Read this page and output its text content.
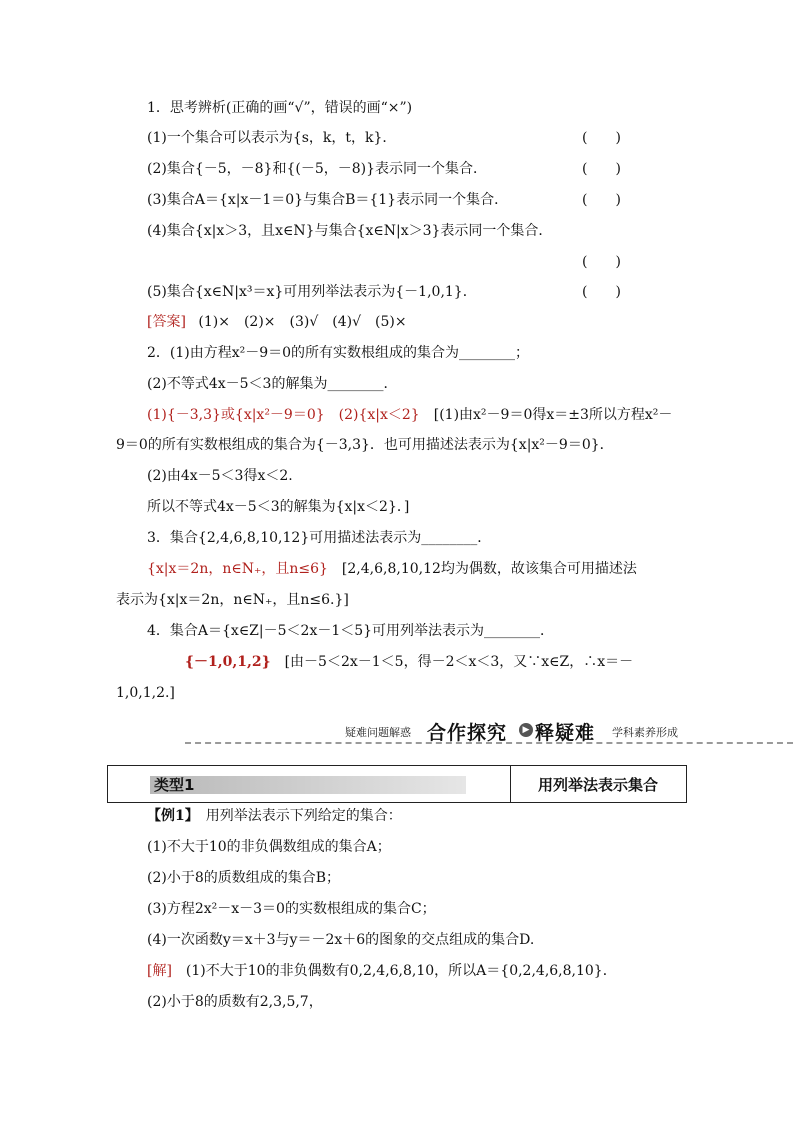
1．思考辨析(正确的画“√”，错误的画“×”)
(1)一个集合可以表示为{s，k，t，k}．	(　　)
(2)集合{－5，－8}和{(－5，－8)}表示同一个集合．	(　　)
(3)集合A＝{x|x－1＝0}与集合B＝{1}表示同一个集合．	(　　)
(4)集合{x|x＞3，且x∈N}与集合{x∈N|x＞3}表示同一个集合．
(　　)
(5)集合{x∈N|x³＝x}可用列举法表示为{－1,0,1}．	(　　)
[答案] (1)×　(2)×　(3)√　(4)√　(5)×
2．(1)由方程x²－9＝0的所有实数根组成的集合为________；
(2)不等式4x－5＜3的解集为________．
(1){－3,3}或{x|x²－9＝0}　(2){x|x＜2}　[(1)由x²－9＝0得x＝±3所以方程x²－
9＝0的所有实数根组成的集合为{－3,3}．也可用描述法表示为{x|x²－9＝0}．
(2)由4x－5＜3得x＜2.
所以不等式4x－5＜3的解集为{x|x＜2}．]
3．集合{2,4,6,8,10,12}可用描述法表示为________．
{x|x＝2n，n∈N₊，且n≤6}　[2,4,6,8,10,12均为偶数，故该集合可用描述法
表示为{x|x＝2n，n∈N₊，且n≤6.}]
4．集合A＝{x∈Z|－5＜2x－1＜5}可用列举法表示为________．
{－1,0,1,2}　[由－5＜2x－1＜5，得－2＜x＜3，又∵x∈Z，∴x＝－
1,0,1,2.]
疑难问题解惑 合作探究	▶ 释疑难 学科素养形成
类型1	用列举法表示集合
【例1】　用列举法表示下列给定的集合：
(1)不大于10的非负偶数组成的集合A；
(2)小于8的质数组成的集合B；
(3)方程2x²－x－3＝0的实数根组成的集合C；
(4)一次函数y＝x＋3与y＝－2x＋6的图象的交点组成的集合D.
[解]　(1)不大于10的非负偶数有0,2,4,6,8,10，所以A＝{0,2,4,6,8,10}．
(2)小于8的质数有2,3,5,7，
